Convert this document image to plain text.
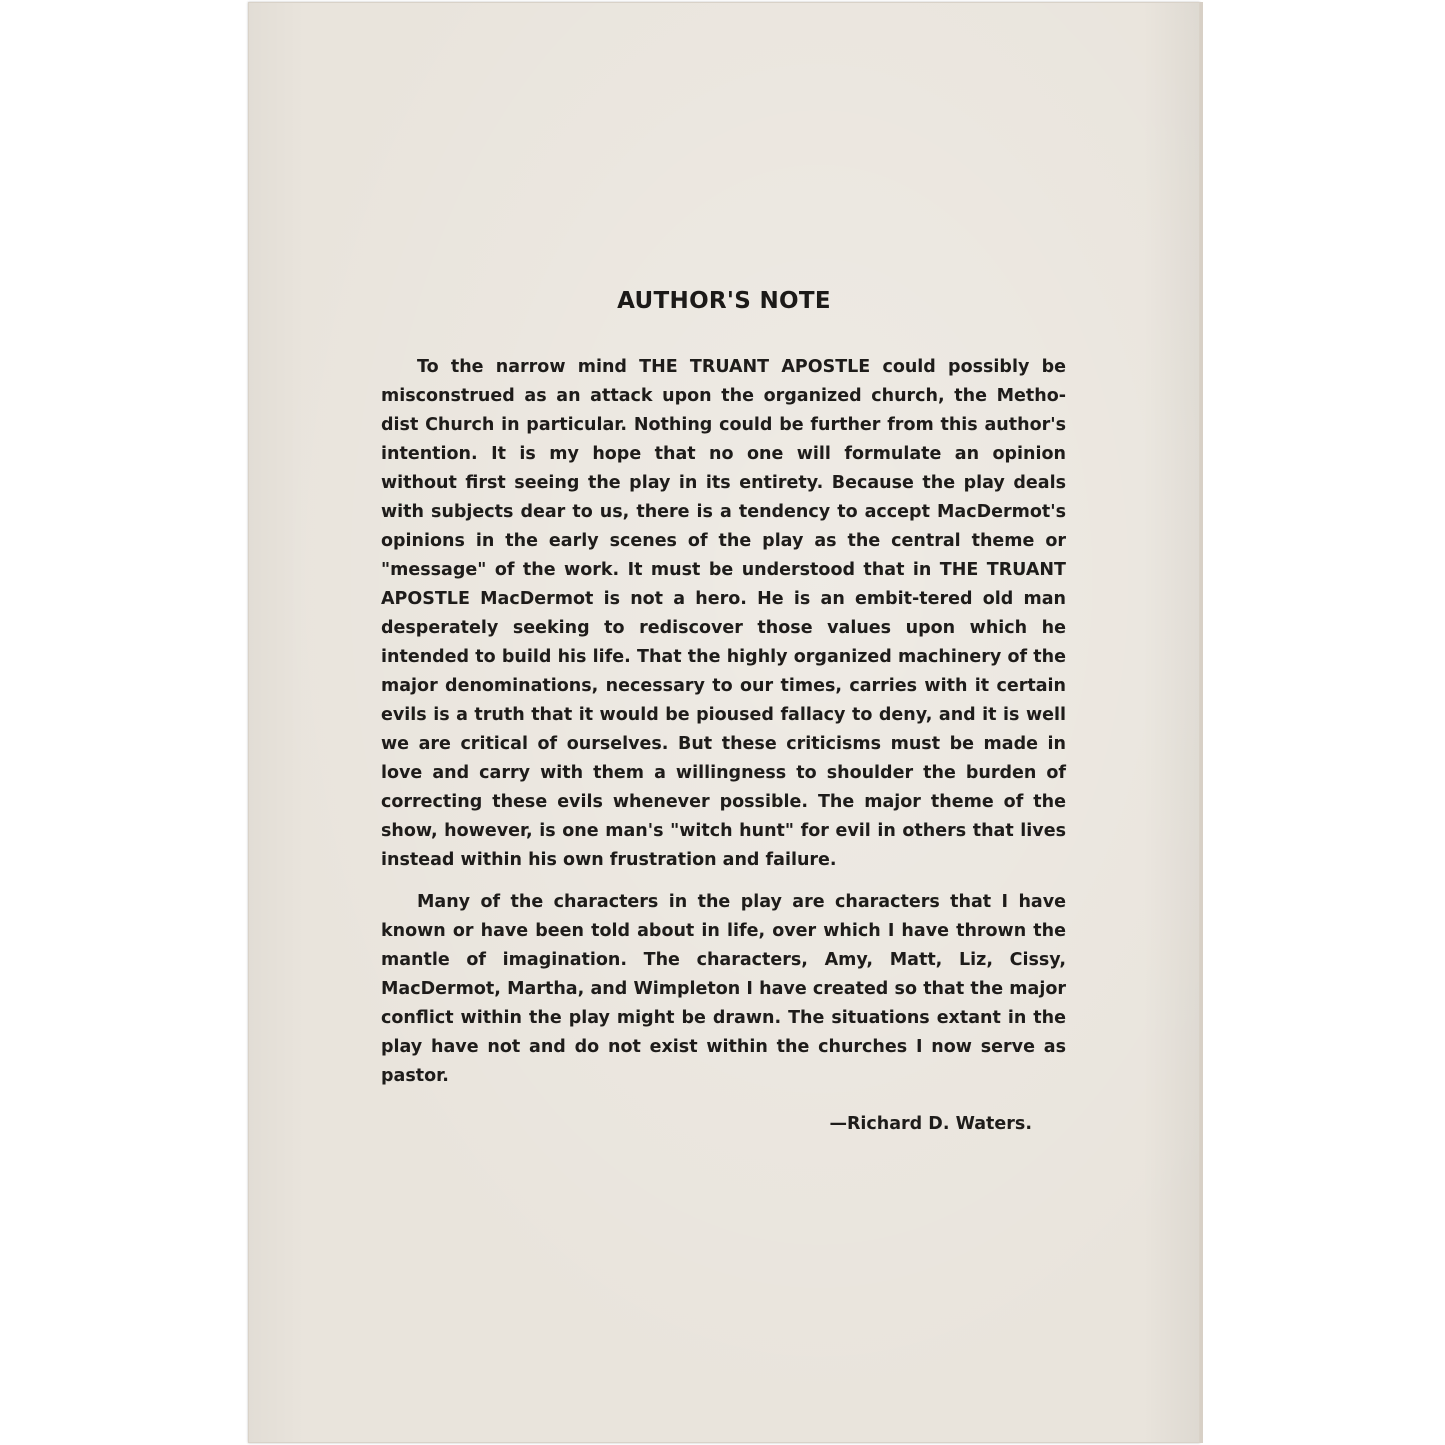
AUTHOR'S NOTE

To the narrow mind THE TRUANT APOSTLE could possibly be misconstrued as an attack upon the organized church, the Metho-dist Church in particular. Nothing could be further from this author's intention. It is my hope that no one will formulate an opinion without first seeing the play in its entirety. Because the play deals with subjects dear to us, there is a tendency to accept MacDermot's opinions in the early scenes of the play as the central theme or "message" of the work. It must be understood that in THE TRUANT APOSTLE MacDermot is not a hero. He is an embit-tered old man desperately seeking to rediscover those values upon which he intended to build his life. That the highly organized machinery of the major denominations, necessary to our times, carries with it certain evils is a truth that it would be pioused fallacy to deny, and it is well we are critical of ourselves. But these criticisms must be made in love and carry with them a willingness to shoulder the burden of correcting these evils whenever possible. The major theme of the show, however, is one man's "witch hunt" for evil in others that lives instead within his own frustration and failure.

Many of the characters in the play are characters that I have known or have been told about in life, over which I have thrown the mantle of imagination. The characters, Amy, Matt, Liz, Cissy, MacDermot, Martha, and Wimpleton I have created so that the major conflict within the play might be drawn. The situations extant in the play have not and do not exist within the churches I now serve as pastor.

—Richard D. Waters.
